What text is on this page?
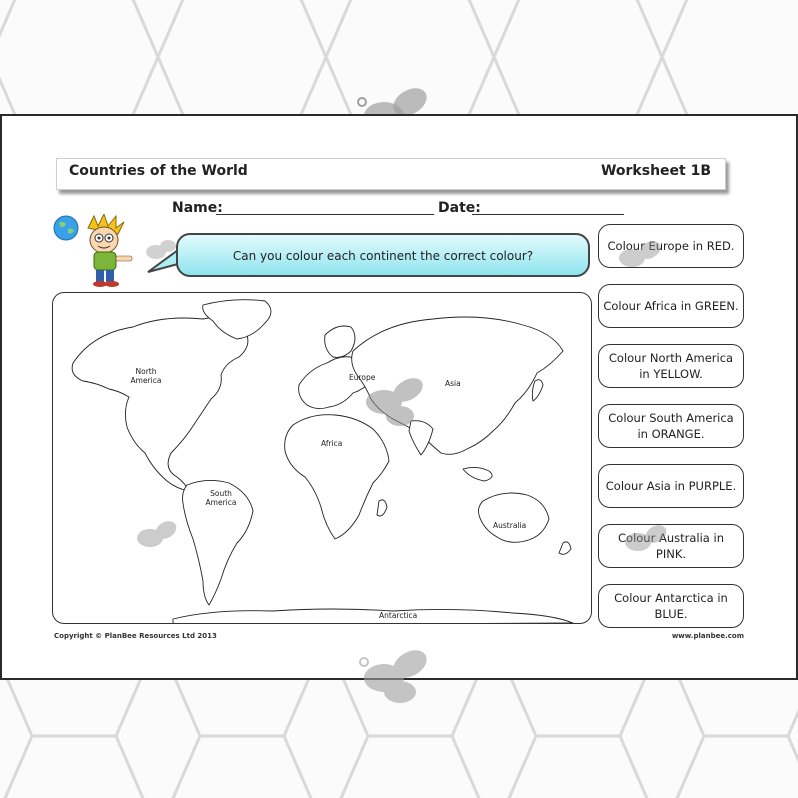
Countries of the World	Worksheet 1B
Name:	Date:
Can you colour each continent the correct colour?
North America	Europe
Asia
Africa
South America
Australia
Antarctica
Colour Europe in RED.
Colour Africa in GREEN.
Colour North America in YELLOW.
Colour South America in ORANGE.
Colour Asia in PURPLE.
Colour Australia in PINK.
Colour Antarctica in BLUE.
Copyright © PlanBee Resources Ltd 2013	www.planbee.com
